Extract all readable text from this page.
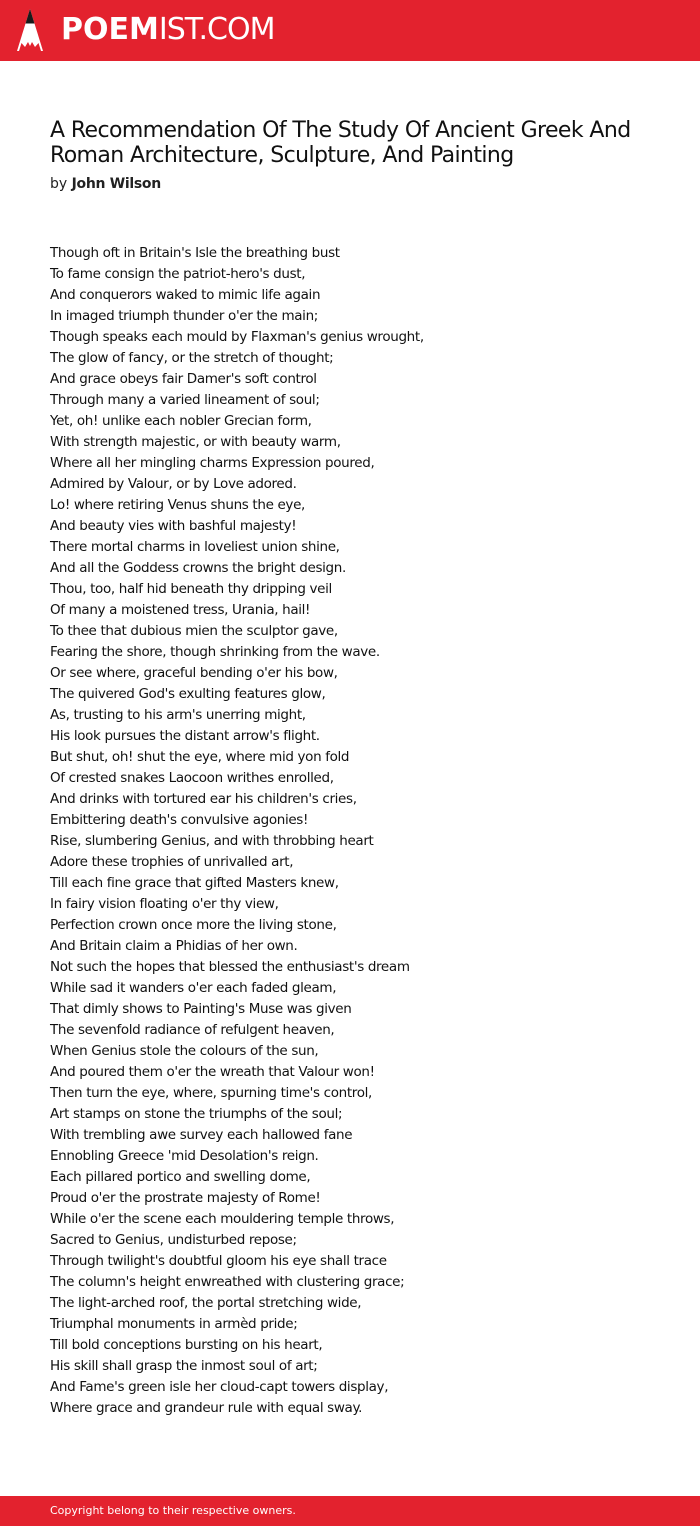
POEMIST.COM
A Recommendation Of The Study Of Ancient Greek And Roman Architecture, Sculpture, And Painting
by John Wilson
Though oft in Britain's Isle the breathing bust
To fame consign the patriot-hero's dust,
And conquerors waked to mimic life again
In imaged triumph thunder o'er the main;
Though speaks each mould by Flaxman's genius wrought,
The glow of fancy, or the stretch of thought;
And grace obeys fair Damer's soft control
Through many a varied lineament of soul;
Yet, oh! unlike each nobler Grecian form,
With strength majestic, or with beauty warm,
Where all her mingling charms Expression poured,
Admired by Valour, or by Love adored.
Lo! where retiring Venus shuns the eye,
And beauty vies with bashful majesty!
There mortal charms in loveliest union shine,
And all the Goddess crowns the bright design.
Thou, too, half hid beneath thy dripping veil
Of many a moistened tress, Urania, hail!
To thee that dubious mien the sculptor gave,
Fearing the shore, though shrinking from the wave.
Or see where, graceful bending o'er his bow,
The quivered God's exulting features glow,
As, trusting to his arm's unerring might,
His look pursues the distant arrow's flight.
But shut, oh! shut the eye, where mid yon fold
Of crested snakes Laocoon writhes enrolled,
And drinks with tortured ear his children's cries,
Embittering death's convulsive agonies!
Rise, slumbering Genius, and with throbbing heart
Adore these trophies of unrivalled art,
Till each fine grace that gifted Masters knew,
In fairy vision floating o'er thy view,
Perfection crown once more the living stone,
And Britain claim a Phidias of her own.
Not such the hopes that blessed the enthusiast's dream
While sad it wanders o'er each faded gleam,
That dimly shows to Painting's Muse was given
The sevenfold radiance of refulgent heaven,
When Genius stole the colours of the sun,
And poured them o'er the wreath that Valour won!
Then turn the eye, where, spurning time's control,
Art stamps on stone the triumphs of the soul;
With trembling awe survey each hallowed fane
Ennobling Greece 'mid Desolation's reign.
Each pillared portico and swelling dome,
Proud o'er the prostrate majesty of Rome!
While o'er the scene each mouldering temple throws,
Sacred to Genius, undisturbed repose;
Through twilight's doubtful gloom his eye shall trace
The column's height enwreathed with clustering grace;
The light-arched roof, the portal stretching wide,
Triumphal monuments in armèd pride;
Till bold conceptions bursting on his heart,
His skill shall grasp the inmost soul of art;
And Fame's green isle her cloud-capt towers display,
Where grace and grandeur rule with equal sway.
Copyright belong to their respective owners.
